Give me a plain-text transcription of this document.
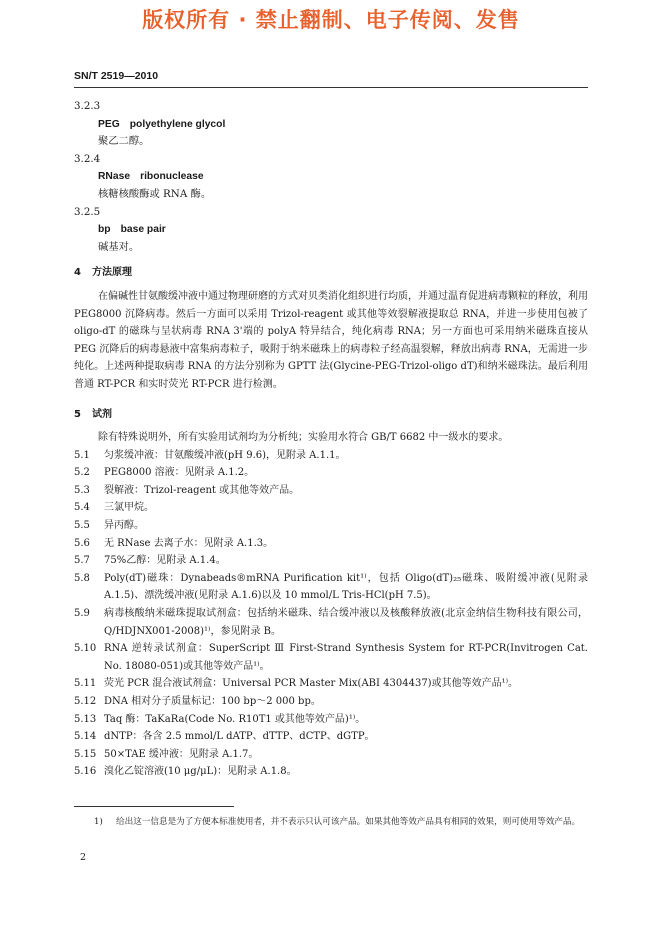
版权所有 · 禁止翻制、电子传阅、发售
SN/T 2519—2010
3.2.3
PEG polyethylene glycol
聚乙二醇。
3.2.4
RNase ribonuclease
核糖核酸酶或 RNA 酶。
3.2.5
bp base pair
碱基对。
4 方法原理
在偏碱性甘氨酸缓冲液中通过物理研磨的方式对贝类消化组织进行均质，并通过温育促进病毒颗粒的释放，利用 PEG8000 沉降病毒。然后一方面可以采用 Trizol-reagent 或其他等效裂解液提取总 RNA，并进一步使用包被了 oligo-dT 的磁珠与呈状病毒 RNA 3'端的 polyA 特异结合，纯化病毒 RNA；另一方面也可采用纳米磁珠直接从 PEG 沉降后的病毒悬液中富集病毒粒子，吸附于纳米磁珠上的病毒粒子经高温裂解，释放出病毒 RNA，无需进一步纯化。上述两种提取病毒 RNA 的方法分别称为 GPTT 法(Glycine-PEG-Trizol-oligo dT)和纳米磁珠法。最后利用普通 RT-PCR 和实时荧光 RT-PCR 进行检测。
5 试剂
除有特殊说明外，所有实验用试剂均为分析纯；实验用水符合 GB/T 6682 中一级水的要求。
5.1	匀浆缓冲液：甘氨酸缓冲液(pH 9.6)，见附录 A.1.1。
5.2	PEG8000 溶液：见附录 A.1.2。
5.3	裂解液：Trizol-reagent 或其他等效产品。
5.4	三氯甲烷。
5.5	异丙醇。
5.6	无 RNase 去离子水：见附录 A.1.3。
5.7	75%乙醇：见附录 A.1.4。
5.8	Poly(dT)磁珠：Dynabeads®mRNA Purification kit¹⁾，包括 Oligo(dT)₂₅磁珠、吸附缓冲液(见附录 A.1.5)、漂洗缓冲液(见附录 A.1.6)以及 10 mmol/L Tris-HCl(pH 7.5)。
5.9	病毒核酸纳米磁珠提取试剂盒：包括纳米磁珠、结合缓冲液以及核酸释放液(北京金纳信生物科技有限公司，Q/HDJNX001-2008)¹⁾，参见附录 B。
5.10 RNA 逆转录试剂盒：SuperScript Ⅲ First-Strand Synthesis System for RT-PCR(Invitrogen Cat. No. 18080-051)或其他等效产品¹⁾。
5.11 荧光 PCR 混合液试剂盒：Universal PCR Master Mix(ABI 4304437)或其他等效产品¹⁾。
5.12 DNA 相对分子质量标记：100 bp～2 000 bp。
5.13 Taq 酶：TaKaRa(Code No. R10T1 或其他等效产品)¹⁾。
5.14 dNTP：各含 2.5 mmol/L dATP、dTTP、dCTP、dGTP。
5.15 50×TAE 缓冲液：见附录 A.1.7。
5.16 溴化乙锭溶液(10 μg/μL)：见附录 A.1.8。
1)	给出这一信息是为了方便本标准使用者，并不表示只认可该产品。如果其他等效产品具有相同的效果，则可使用等效产品。
2
